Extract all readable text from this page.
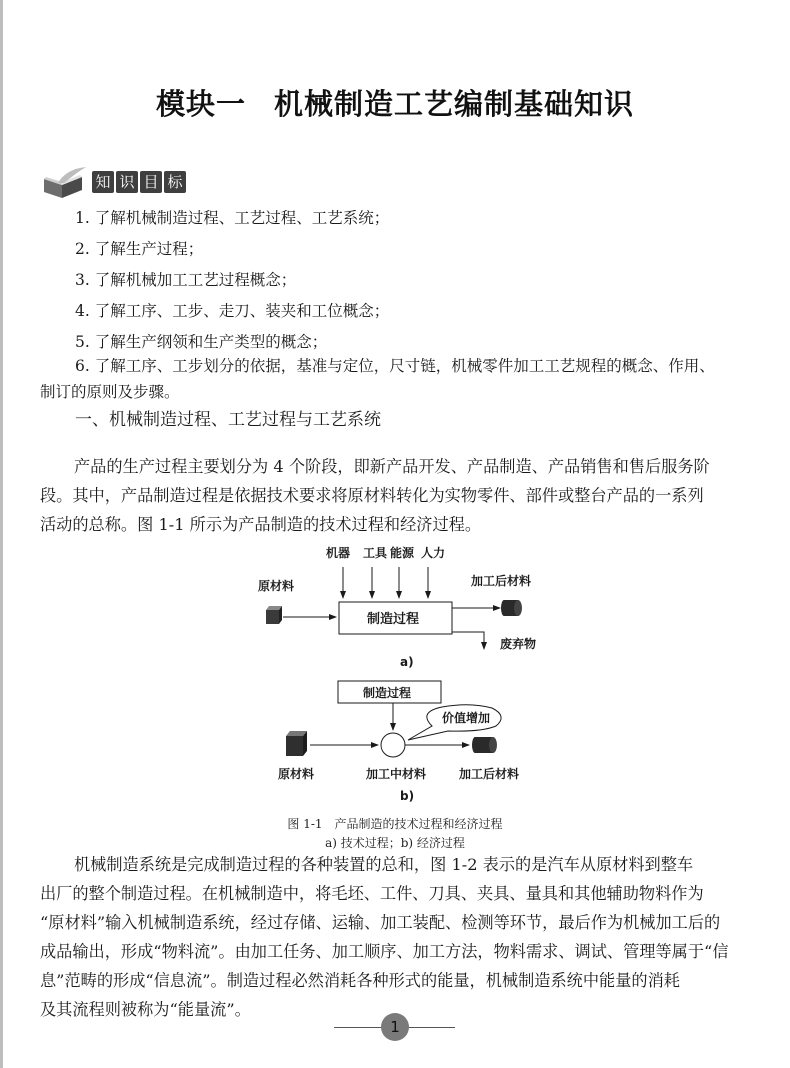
模块一 机械制造工艺编制基础知识
知 识 目 标
1. 了解机械制造过程、工艺过程、工艺系统；
2. 了解生产过程；
3. 了解机械加工工艺过程概念；
4. 了解工序、工步、走刀、装夹和工位概念；
5. 了解生产纲领和生产类型的概念；
6. 了解工序、工步划分的依据，基准与定位，尺寸链，机械零件加工工艺规程的概念、作用、
制订的原则及步骤。
一、机械制造过程、工艺过程与工艺系统
产品的生产过程主要划分为 4 个阶段，即新产品开发、产品制造、产品销售和售后服务阶
段。其中，产品制造过程是依据技术要求将原材料转化为实物零件、部件或整台产品的一系列
活动的总称。图 1-1 所示为产品制造的技术过程和经济过程。
机器 工具 能源 人力
原材料
制造过程
加工后材料
废弃物
a)
制造过程
价值增加
原材料	加工中材料	加工后材料
b)
图 1-1　产品制造的技术过程和经济过程
a) 技术过程；b) 经济过程
机械制造系统是完成制造过程的各种装置的总和，图 1-2 表示的是汽车从原材料到整车
出厂的整个制造过程。在机械制造中，将毛坯、工件、刀具、夹具、量具和其他辅助物料作为
“原材料”输入机械制造系统，经过存储、运输、加工装配、检测等环节，最后作为机械加工后的
成品输出，形成“物料流”。由加工任务、加工顺序、加工方法，物料需求、调试、管理等属于“信
息”范畴的形成“信息流”。制造过程必然消耗各种形式的能量，机械制造系统中能量的消耗
及其流程则被称为“能量流”。
1
